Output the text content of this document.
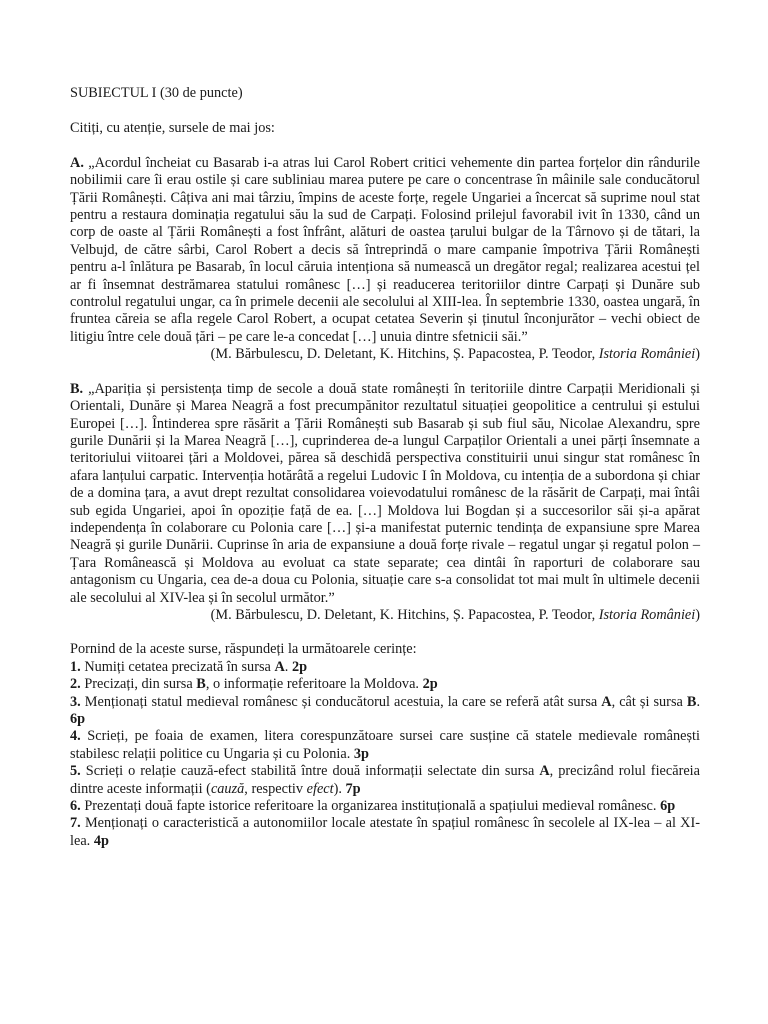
SUBIECTUL I (30 de puncte)

Citiți, cu atenție, sursele de mai jos:

A. „Acordul încheiat cu Basarab i-a atras lui Carol Robert critici vehemente din partea forțelor din rândurile nobilimii care îi erau ostile și care subliniau marea putere pe care o concentrase în mâinile sale conducătorul Țării Românești. Câțiva ani mai târziu, împins de aceste forțe, regele Ungariei a încercat să suprime noul stat pentru a restaura dominația regatului său la sud de Carpați. Folosind prilejul favorabil ivit în 1330, când un corp de oaste al Țării Românești a fost înfrânt, alături de oastea țarului bulgar de la Târnovo și de tătari, la Velbujd, de către sârbi, Carol Robert a decis să întreprindă o mare campanie împotriva Țării Românești pentru a-l înlătura pe Basarab, în locul căruia intenționa să numească un dregător regal; realizarea acestui țel ar fi însemnat destrămarea statului românesc […] și readucerea teritoriilor dintre Carpați și Dunăre sub controlul regatului ungar, ca în primele decenii ale secolului al XIII-lea. În septembrie 1330, oastea ungară, în fruntea căreia se afla regele Carol Robert, a ocupat cetatea Severin și ținutul înconjurător – vechi obiect de litigiu între cele două țări – pe care le-a concedat […] unuia dintre sfetnicii săi.”

(M. Bărbulescu, D. Deletant, K. Hitchins, Ș. Papacostea, P. Teodor, Istoria României)

B. „Apariția și persistența timp de secole a două state românești în teritoriile dintre Carpații Meridionali și Orientali, Dunăre și Marea Neagră a fost precumpănitor rezultatul situației geopolitice a centrului și estului Europei […]. Întinderea spre răsărit a Țării Românești sub Basarab și sub fiul său, Nicolae Alexandru, spre gurile Dunării și la Marea Neagră […], cuprinderea de-a lungul Carpaților Orientali a unei părți însemnate a teritoriului viitoarei țări a Moldovei, părea să deschidă perspectiva constituirii unui singur stat românesc în afara lanțului carpatic. Intervenția hotărâtă a regelui Ludovic I în Moldova, cu intenția de a subordona și chiar de a domina țara, a avut drept rezultat consolidarea voievodatului românesc de la răsărit de Carpați, mai întâi sub egida Ungariei, apoi în opoziție față de ea. […] Moldova lui Bogdan și a succesorilor săi și-a apărat independența în colaborare cu Polonia care […] și-a manifestat puternic tendința de expansiune spre Marea Neagră și gurile Dunării. Cuprinse în aria de expansiune a două forțe rivale – regatul ungar și regatul polon – Țara Românească și Moldova au evoluat ca state separate; cea dintâi în raporturi de colaborare sau antagonism cu Ungaria, cea de-a doua cu Polonia, situație care s-a consolidat tot mai mult în ultimele decenii ale secolului al XIV-lea și în secolul următor.”

(M. Bărbulescu, D. Deletant, K. Hitchins, Ș. Papacostea, P. Teodor, Istoria României)

Pornind de la aceste surse, răspundeți la următoarele cerințe:

1. Numiți cetatea precizată în sursa A. 2p
2. Precizați, din sursa B, o informație referitoare la Moldova. 2p
3. Menționați statul medieval românesc și conducătorul acestuia, la care se referă atât sursa A, cât și sursa B. 6p
4. Scrieți, pe foaia de examen, litera corespunzătoare sursei care susține că statele medievale românești stabilesc relații politice cu Ungaria și cu Polonia. 3p
5. Scrieți o relație cauză-efect stabilită între două informații selectate din sursa A, precizând rolul fiecăreia dintre aceste informații (cauză, respectiv efect). 7p
6. Prezentați două fapte istorice referitoare la organizarea instituțională a spațiului medieval românesc. 6p
7. Menționați o caracteristică a autonomiilor locale atestate în spațiul românesc în secolele al IX-lea – al XI-lea. 4p
